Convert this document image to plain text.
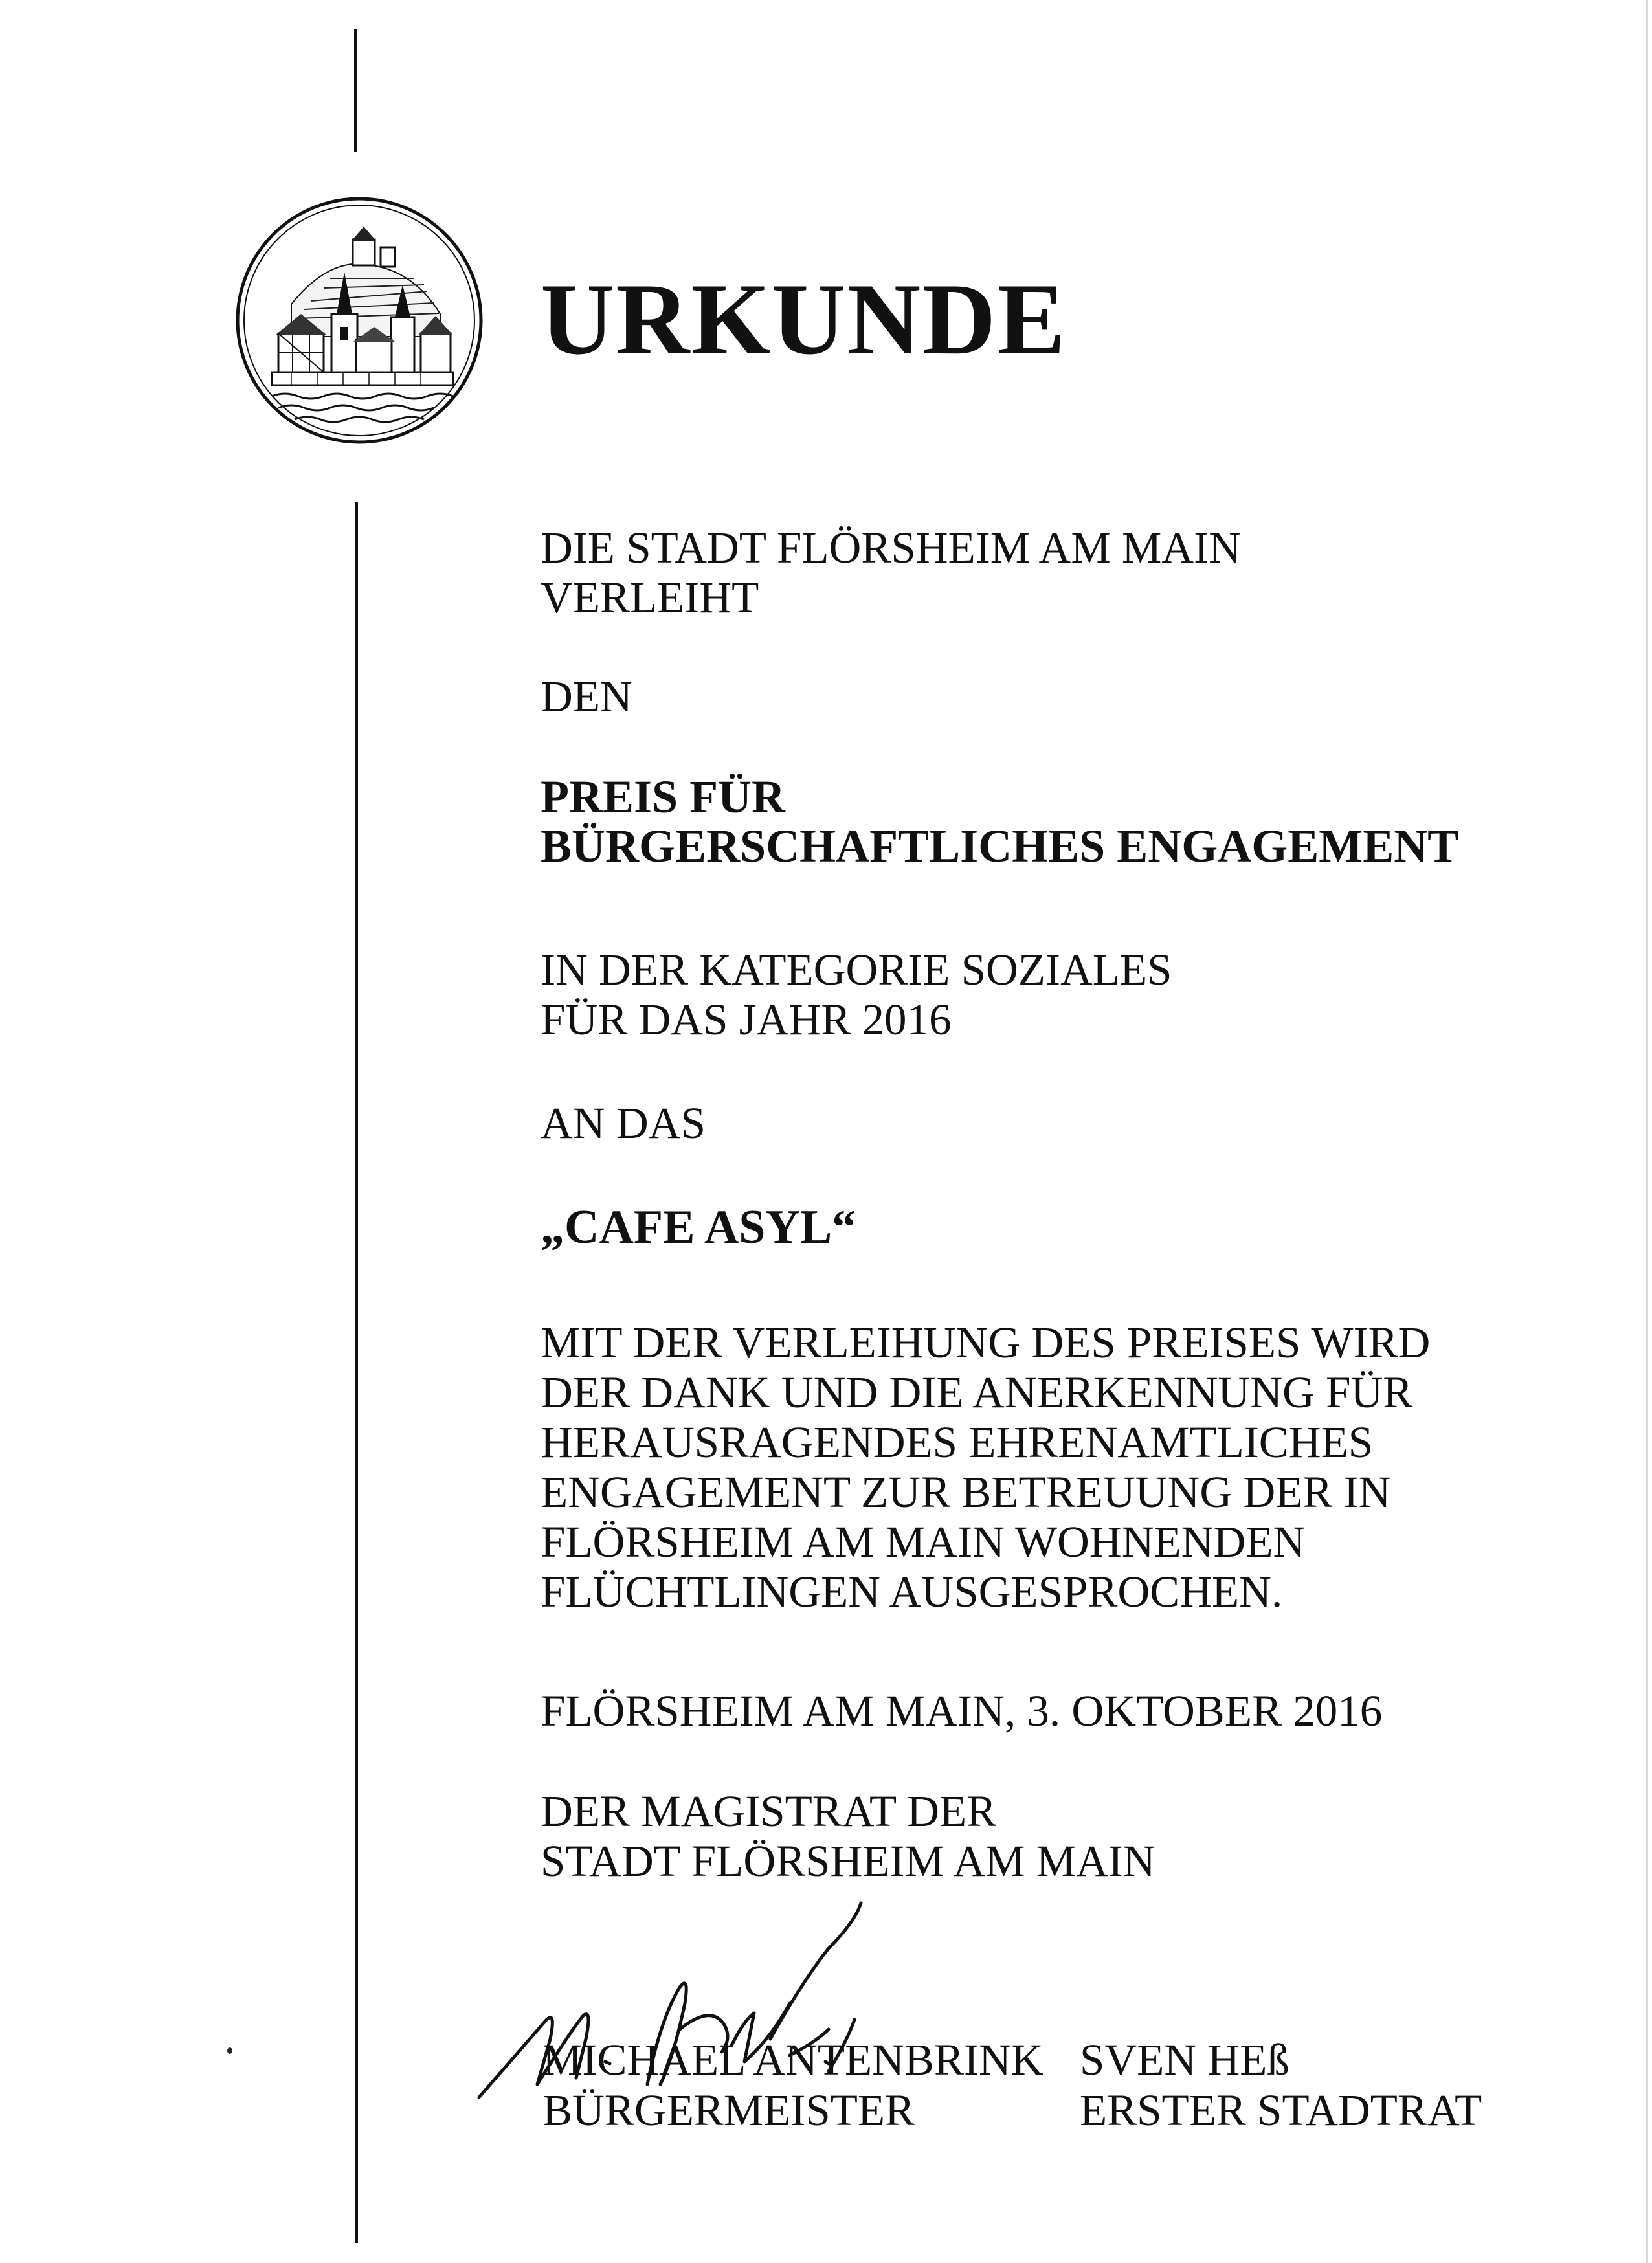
URKUNDE
DIE STADT FLÖRSHEIM AM MAIN
VERLEIHT
DEN
PREIS FÜR
BÜRGERSCHAFTLICHES ENGAGEMENT
IN DER KATEGORIE SOZIALES
FÜR DAS JAHR 2016
AN DAS
„CAFE ASYL“
MIT DER VERLEIHUNG DES PREISES WIRD
DER DANK UND DIE ANERKENNUNG FÜR
HERAUSRAGENDES EHRENAMTLICHES
ENGAGEMENT ZUR BETREUUNG DER IN
FLÖRSHEIM AM MAIN WOHNENDEN
FLÜCHTLINGEN AUSGESPROCHEN.
FLÖRSHEIM AM MAIN, 3. OKTOBER 2016
DER MAGISTRAT DER
STADT FLÖRSHEIM AM MAIN
MICHAEL ANTENBRINK
BÜRGERMEISTER
SVEN HEß
ERSTER STADTRAT
